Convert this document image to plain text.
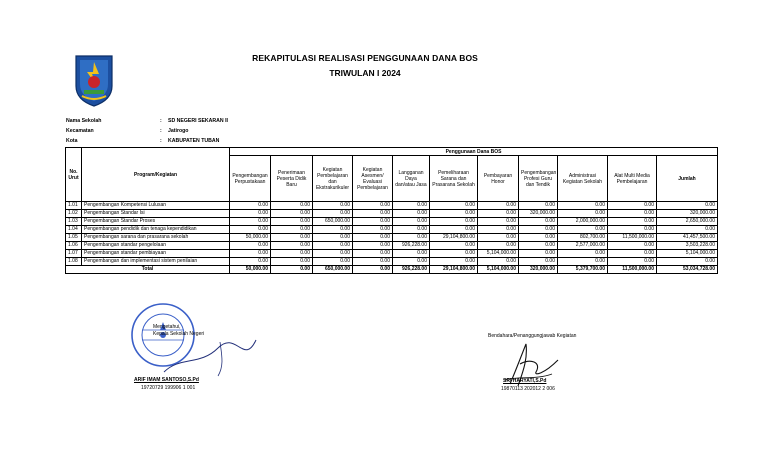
REKAPITULASI REALISASI PENGGUNAAN DANA BOS
TRIWULAN I 2024
Nama Sekolah	: SD NEGERI SEKARAN II
Kecamatan	: Jatirogo
Kota	: KABUPATEN TUBAN
No. Urut	Program/Kegiatan	Penggunaan Dana BOS										
		Pengembangan Perpustakaan	Penerimaan Peserta Didik Baru	Kegiatan Pembelajaran dan Ekstrakurikuler	Kegiatan Asesmen/ Evaluasi Pembelajaran	Langganan Daya dan/atau Jasa	Pemeliharaan Sarana dan Prasarana Sekolah	Pembayaran Honor	Pengembangan Profesi Guru dan Tendik	Administrasi Kegiatan Sekolah	Alat Multi Media Pembelajaran	Jumlah
1.01	Pengembangan Kompetensi Lulusan	0.00	0.00	0.00	0.00	0.00	0.00	0.00	0.00	0.00	0.00	0.00
1.02	Pengembangan Standar Isi	0.00	0.00	0.00	0.00	0.00	0.00	0.00	320,000.00	0.00	0.00	320,000.00
1.03	Pengembangan Standar Proses	0.00	0.00	650,000.00	0.00	0.00	0.00	0.00	0.00	2,000,000.00	0.00	2,650,000.00
1.04	Pengembangan pendidik dan tenaga kependidikan	0.00	0.00	0.00	0.00	0.00	0.00	0.00	0.00	0.00	0.00	0.00
1.05	Pengembangan sarana dan prasarana sekolah	50,000.00	0.00	0.00	0.00	0.00	29,104,800.00	0.00	0.00	802,700.00	11,500,000.00	41,457,500.00
1.06	Pengembangan standar pengelolaan	0.00	0.00	0.00	0.00	926,228.00	0.00	0.00	0.00	2,577,000.00	0.00	3,503,228.00
1.07	Pengembangan standar pembiayaan	0.00	0.00	0.00	0.00	0.00	0.00	5,104,000.00	0.00	0.00	0.00	5,104,000.00
1.08	Pengembangan dan implementasi sistem penilaian	0.00	0.00	0.00	0.00	0.00	0.00	0.00	0.00	0.00	0.00	0.00
Total		50,000.00	0.00	650,000.00	0.00	926,228.00	29,104,800.00	5,104,000.00	320,000.00	5,379,700.00	11,500,000.00	53,034,728.00
Mengetahui,
Kepala Sekolah Negeri
ARIF IMAM SANTOSO,S.Pd
19720729 199906 1 001
Bendahara/Penanggungjawab Kegiatan
SRI HARYATI,S.Pd
19870113 202012 2 006
